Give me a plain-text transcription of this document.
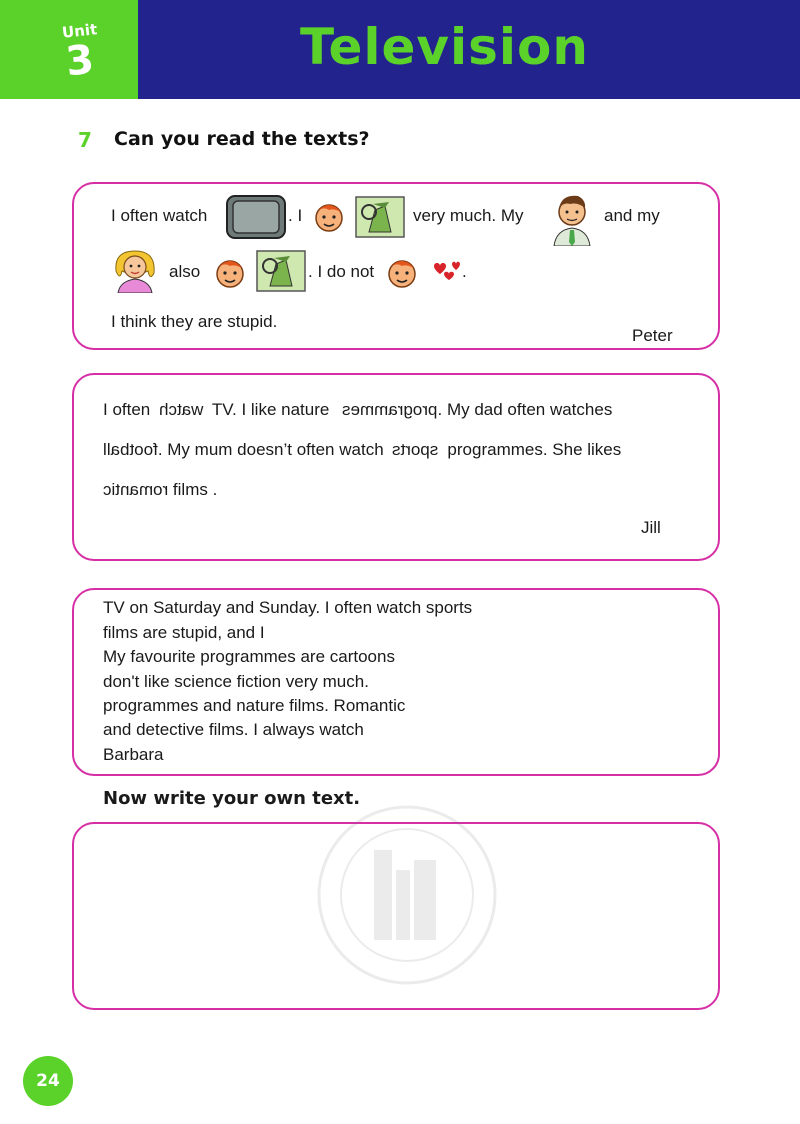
Unit
3	Television
7 Can you read the texts?
I often watch	. I	very much. My	and my
also	. I do not	.
I think they are stupid.
Peter
I often watch TV. I like nature programmes. My dad often watches
football. My mum doesn’t often watch sports programmes. She likes
romantic films .
Jill
TV on Saturday and Sunday. I often watch sports
films are stupid, and I
My favourite programmes are cartoons
don't like science fiction very much.
programmes and nature films. Romantic
and detective films. I always watch
Barbara
Now write your own text.
24
